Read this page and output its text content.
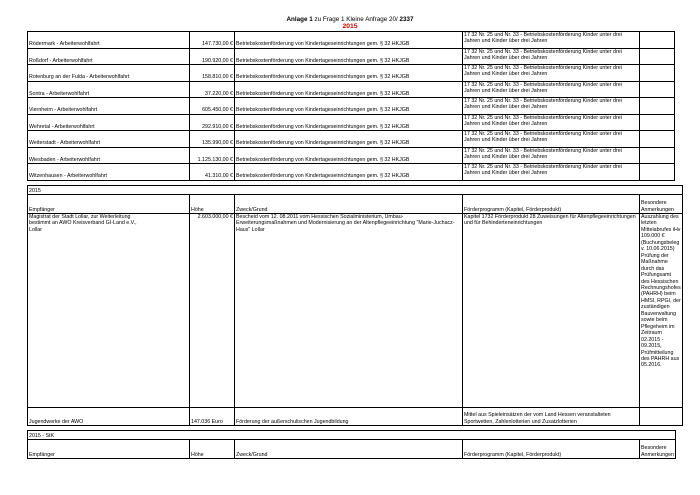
Anlage 1 zu Frage 1 Kleine Anfrage 20/ 2337
2015
Rödermark - Arbeiterwohlfahrt	147.730,00 €	Betriebskostenförderung von Kindertageseinrichtungen gem. § 32 HKJGB	17 32 Nr. 25 und Nr. 33 - Betriebskostenförderung Kinder unter drei Jahren und Kinder über drei Jahren	
Roßdorf - Arbeiterwohlfahrt	190.920,00 €	Betriebskostenförderung von Kindertageseinrichtungen gem. § 32 HKJGB	17 32 Nr. 25 und Nr. 33 - Betriebskostenförderung Kinder unter drei Jahren und Kinder über drei Jahren	
Rotenburg an der Fulda - Arbeiterwohlfahrt	158.810,00 €	Betriebskostenförderung von Kindertageseinrichtungen gem. § 32 HKJGB	17 32 Nr. 25 und Nr. 33 - Betriebskostenförderung Kinder unter drei Jahren und Kinder über drei Jahren	
Sontra - Arbeiterwohlfahrt	37.220,00 €	Betriebskostenförderung von Kindertageseinrichtungen gem. § 32 HKJGB	17 32 Nr. 25 und Nr. 33 - Betriebskostenförderung Kinder unter drei Jahren und Kinder über drei Jahren	
Viernheim - Arbeiterwohlfahrt	605.450,00 €	Betriebskostenförderung von Kindertageseinrichtungen gem. § 32 HKJGB	17 32 Nr. 25 und Nr. 33 - Betriebskostenförderung Kinder unter drei Jahren und Kinder über drei Jahren	
Wehretal - Arbeiterwohlfahrt	292.910,00 €	Betriebskostenförderung von Kindertageseinrichtungen gem. § 32 HKJGB	17 32 Nr. 25 und Nr. 33 - Betriebskostenförderung Kinder unter drei Jahren und Kinder über drei Jahren	
Weiterstadt - Arbeiterwohlfahrt	135.990,00 €	Betriebskostenförderung von Kindertageseinrichtungen gem. § 32 HKJGB	17 32 Nr. 25 und Nr. 33 - Betriebskostenförderung Kinder unter drei Jahren und Kinder über drei Jahren	
Wiesbaden - Arbeiterwohlfahrt	1.125.130,00 €	Betriebskostenförderung von Kindertageseinrichtungen gem. § 32 HKJGB	17 32 Nr. 25 und Nr. 33 - Betriebskostenförderung Kinder unter drei Jahren und Kinder über drei Jahren	
Witzenhausen - Arbeiterwohlfahrt	41.310,00 €	Betriebskostenförderung von Kindertageseinrichtungen gem. § 32 HKJGB	17 32 Nr. 25 und Nr. 33 - Betriebskostenförderung Kinder unter drei Jahren und Kinder über drei Jahren	
2015				
Empfänger	Höhe	Zweck/Grund	Förderprogramm (Kapitel, Förderprodukt)	Besondere Anmerkungen
Magistrat der Stadt Lollar, zur Weiterleitung bestimmt an AWO Kreisverband GI-Land e.V., Lollar	2.603.000,00 €	Bescheid vom 12. 08.2011 vom Hessischen Sozialministerium, Umbau-Erweiterungsmaßnahmen und Modernisierung an der Altenpflegeeinrichtung "Marie-Juchacz-Haus" Lollar	Kapitel 1732 Förderprodukt 28 Zuweisungen für Altenpflegeeinrichtungen und für Behinderteneinrichtungen	Auszahlung des letzten Mittelabrufes iHv 109.000 € (Buchungsbeleg v. 10.06.2015) Prüfung der Maßnahme durch das Prüfungsamt des Hessischen Rechnungshofes (PAHRH) beim HMSI, RPGI, der zuständigen Bauverwaltung sowie beim Pflegeheim im Zeitraum 02.2015 - 09.2015, Prüfmitteilung des PAHRH aus 05.2016.
Jugendwerke der AWO	147.036 Euro	Förderung der außerschulischen Jugendbildung	Mittel aus Spieleinsätzen der vom Land Hessen veranstalteten Sportwetten, Zahlenlotterien und Zusatzlotterien	
2015 - StK
Empfänger	Höhe	Zweck/Grund	Förderprogramm (Kapitel, Förderprodukt)	Besondere Anmerkungen
